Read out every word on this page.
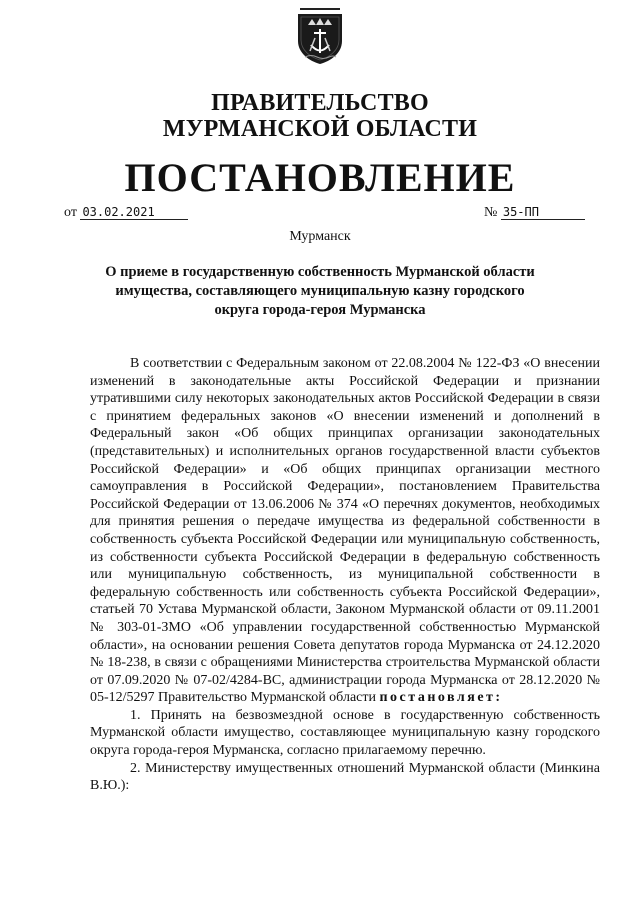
ПРАВИТЕЛЬСТВО
МУРМАНСКОЙ ОБЛАСТИ
ПОСТАНОВЛЕНИЕ
от 03.02.2021	№ 35-ПП
Мурманск
О приеме в государственную собственность Мурманской области имущества, составляющего муниципальную казну городского округа города-героя Мурманска

В соответствии с Федеральным законом от 22.08.2004 № 122-ФЗ «О внесении изменений в законодательные акты Российской Федерации и признании утратившими силу некоторых законодательных актов Российской Федерации в связи с принятием федеральных законов «О внесении изменений и дополнений в Федеральный закон «Об общих принципах организации законодательных (представительных) и исполнительных органов государственной власти субъектов Российской Федерации» и «Об общих принципах организации местного самоуправления в Российской Федерации», постановлением Правительства Российской Федерации от 13.06.2006 № 374 «О перечнях документов, необходимых для принятия решения о передаче имущества из федеральной собственности в собственность субъекта Российской Федерации или муниципальную собственность, из собственности субъекта Российской Федерации в федеральную собственность или муниципальную собственность, из муниципальной собственности в федеральную собственность или собственность субъекта Российской Федерации», статьей 70 Устава Мурманской области, Законом Мурманской области от 09.11.2001 № 303-01-ЗМО «Об управлении государственной собственностью Мурманской области», на основании решения Совета депутатов города Мурманска от 24.12.2020 № 18-238, в связи с обращениями Министерства строительства Мурманской области от 07.09.2020 № 07-02/4284-ВС, администрации города Мурманска от 28.12.2020 № 05-12/5297 Правительство Мурманской области постановляет:

1. Принять на безвозмездной основе в государственную собственность Мурманской области имущество, составляющее муниципальную казну городского округа города-героя Мурманска, согласно прилагаемому перечню.

2. Министерству имущественных отношений Мурманской области (Минкина В.Ю.):
